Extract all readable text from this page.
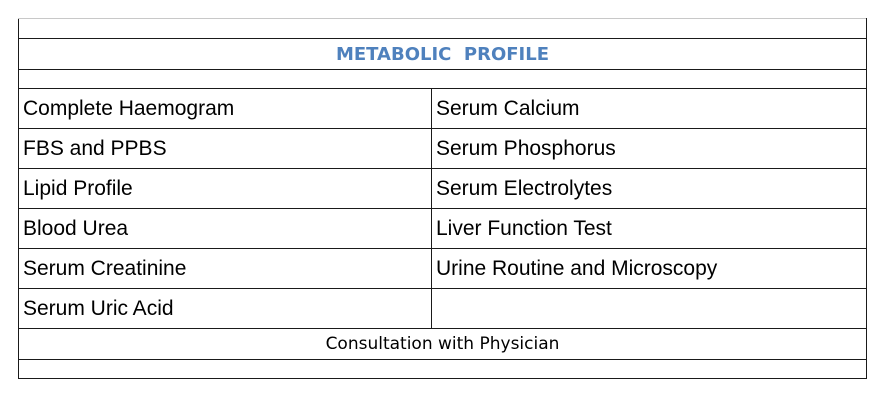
METABOLIC  PROFILE	

Complete Haemogram	Serum Calcium
FBS and PPBS	Serum Phosphorus
Lipid Profile	Serum Electrolytes
Blood Urea	Liver Function Test
Serum Creatinine	Urine Routine and Microscopy
Serum Uric Acid	
Consultation with Physician	
